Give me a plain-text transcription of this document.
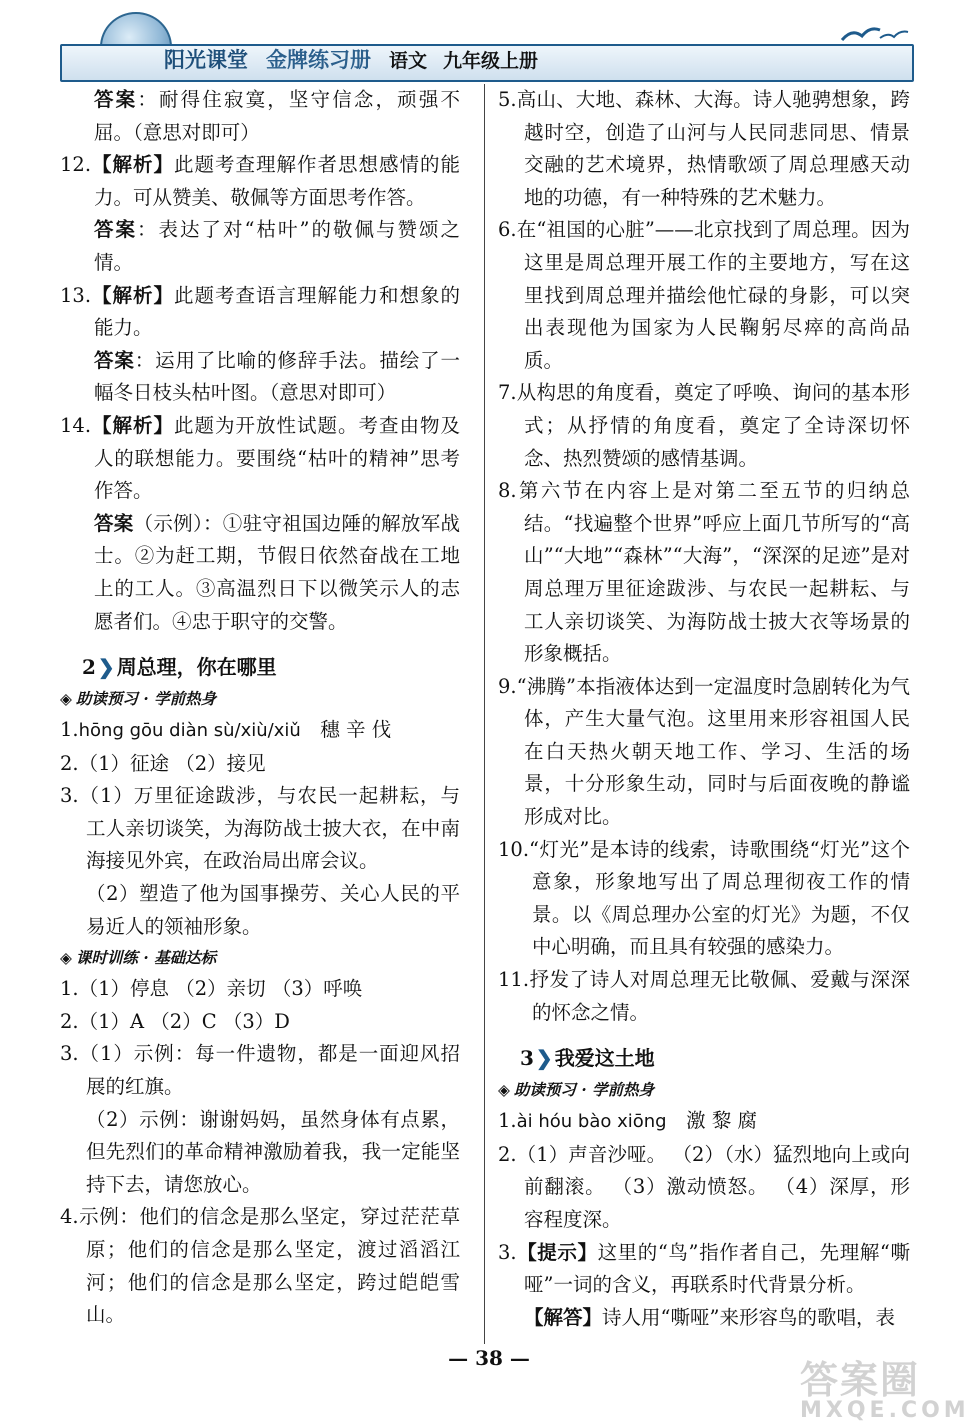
阳光课堂 金牌练习册 语文 九年级上册

答案：耐得住寂寞，坚守信念，顽强不屈。（意思对即可）

12.【解析】此题考查理解作者思想感情的能力。可从赞美、敬佩等方面思考作答。

答案：表达了对“枯叶”的敬佩与赞颂之情。

13.【解析】此题考查语言理解能力和想象的能力。

答案：运用了比喻的修辞手法。描绘了一幅冬日枝头枯叶图。（意思对即可）

14.【解析】此题为开放性试题。考查由物及人的联想能力。要围绕“枯叶的精神”思考作答。

答案（示例）：①驻守祖国边陲的解放军战士。②为赶工期，节假日依然奋战在工地上的工人。③高温烈日下以微笑示人的志愿者们。④忠于职守的交警。

2 ❯ 周总理，你在哪里

◈ 助读预习 · 学前热身

1.hōng gōu diàn sù/xiù/xiǔ　 穗 辛 伐

2.（1）征途 （2）接见

3.（1）万里征途跋涉，与农民一起耕耘，与工人亲切谈笑，为海防战士披大衣，在中南海接见外宾，在政治局出席会议。

（2）塑造了他为国事操劳、关心人民的平易近人的领袖形象。

◈ 课时训练 · 基础达标

1.（1）停息 （2）亲切 （3）呼唤

2.（1）A （2）C （3）D

3.（1）示例：每一件遗物，都是一面迎风招展的红旗。

（2）示例：谢谢妈妈，虽然身体有点累，但先烈们的革命精神激励着我，我一定能坚持下去，请您放心。

4.示例：他们的信念是那么坚定，穿过茫茫草原；他们的信念是那么坚定，渡过滔滔江河；他们的信念是那么坚定，跨过皑皑雪山。

5.高山、大地、森林、大海。诗人驰骋想象，跨越时空，创造了山河与人民同悲同思、情景交融的艺术境界，热情歌颂了周总理感天动地的功德，有一种特殊的艺术魅力。

6.在“祖国的心脏”——北京找到了周总理。因为这里是周总理开展工作的主要地方，写在这里找到周总理并描绘他忙碌的身影，可以突出表现他为国家为人民鞠躬尽瘁的高尚品质。

7.从构思的角度看，奠定了呼唤、询问的基本形式；从抒情的角度看，奠定了全诗深切怀念、热烈赞颂的感情基调。

8.第六节在内容上是对第二至五节的归纳总结。“找遍整个世界”呼应上面几节所写的“高山”“大地”“森林”“大海”，“深深的足迹”是对周总理万里征途跋涉、与农民一起耕耘、与工人亲切谈笑、为海防战士披大衣等场景的形象概括。

9.“沸腾”本指液体达到一定温度时急剧转化为气体，产生大量气泡。这里用来形容祖国人民在白天热火朝天地工作、学习、生活的场景，十分形象生动，同时与后面夜晚的静谧形成对比。

10.“灯光”是本诗的线索，诗歌围绕“灯光”这个意象，形象地写出了周总理彻夜工作的情景。以《周总理办公室的灯光》为题，不仅中心明确，而且具有较强的感染力。

11.抒发了诗人对周总理无比敬佩、爱戴与深深的怀念之情。

3 ❯ 我爱这土地

◈ 助读预习 · 学前热身

1.ài hóu bào xiōng　 激 黎 腐

2.（1）声音沙哑。 （2）（水）猛烈地向上或向前翻滚。 （3）激动愤怒。 （4）深厚，形容程度深。

3.【提示】这里的“鸟”指作者自己，先理解“嘶哑”一词的含义，再联系时代背景分析。

【解答】诗人用“嘶哑”来形容鸟的歌唱，表

— 38 —	答案圈
MXQE.COM
